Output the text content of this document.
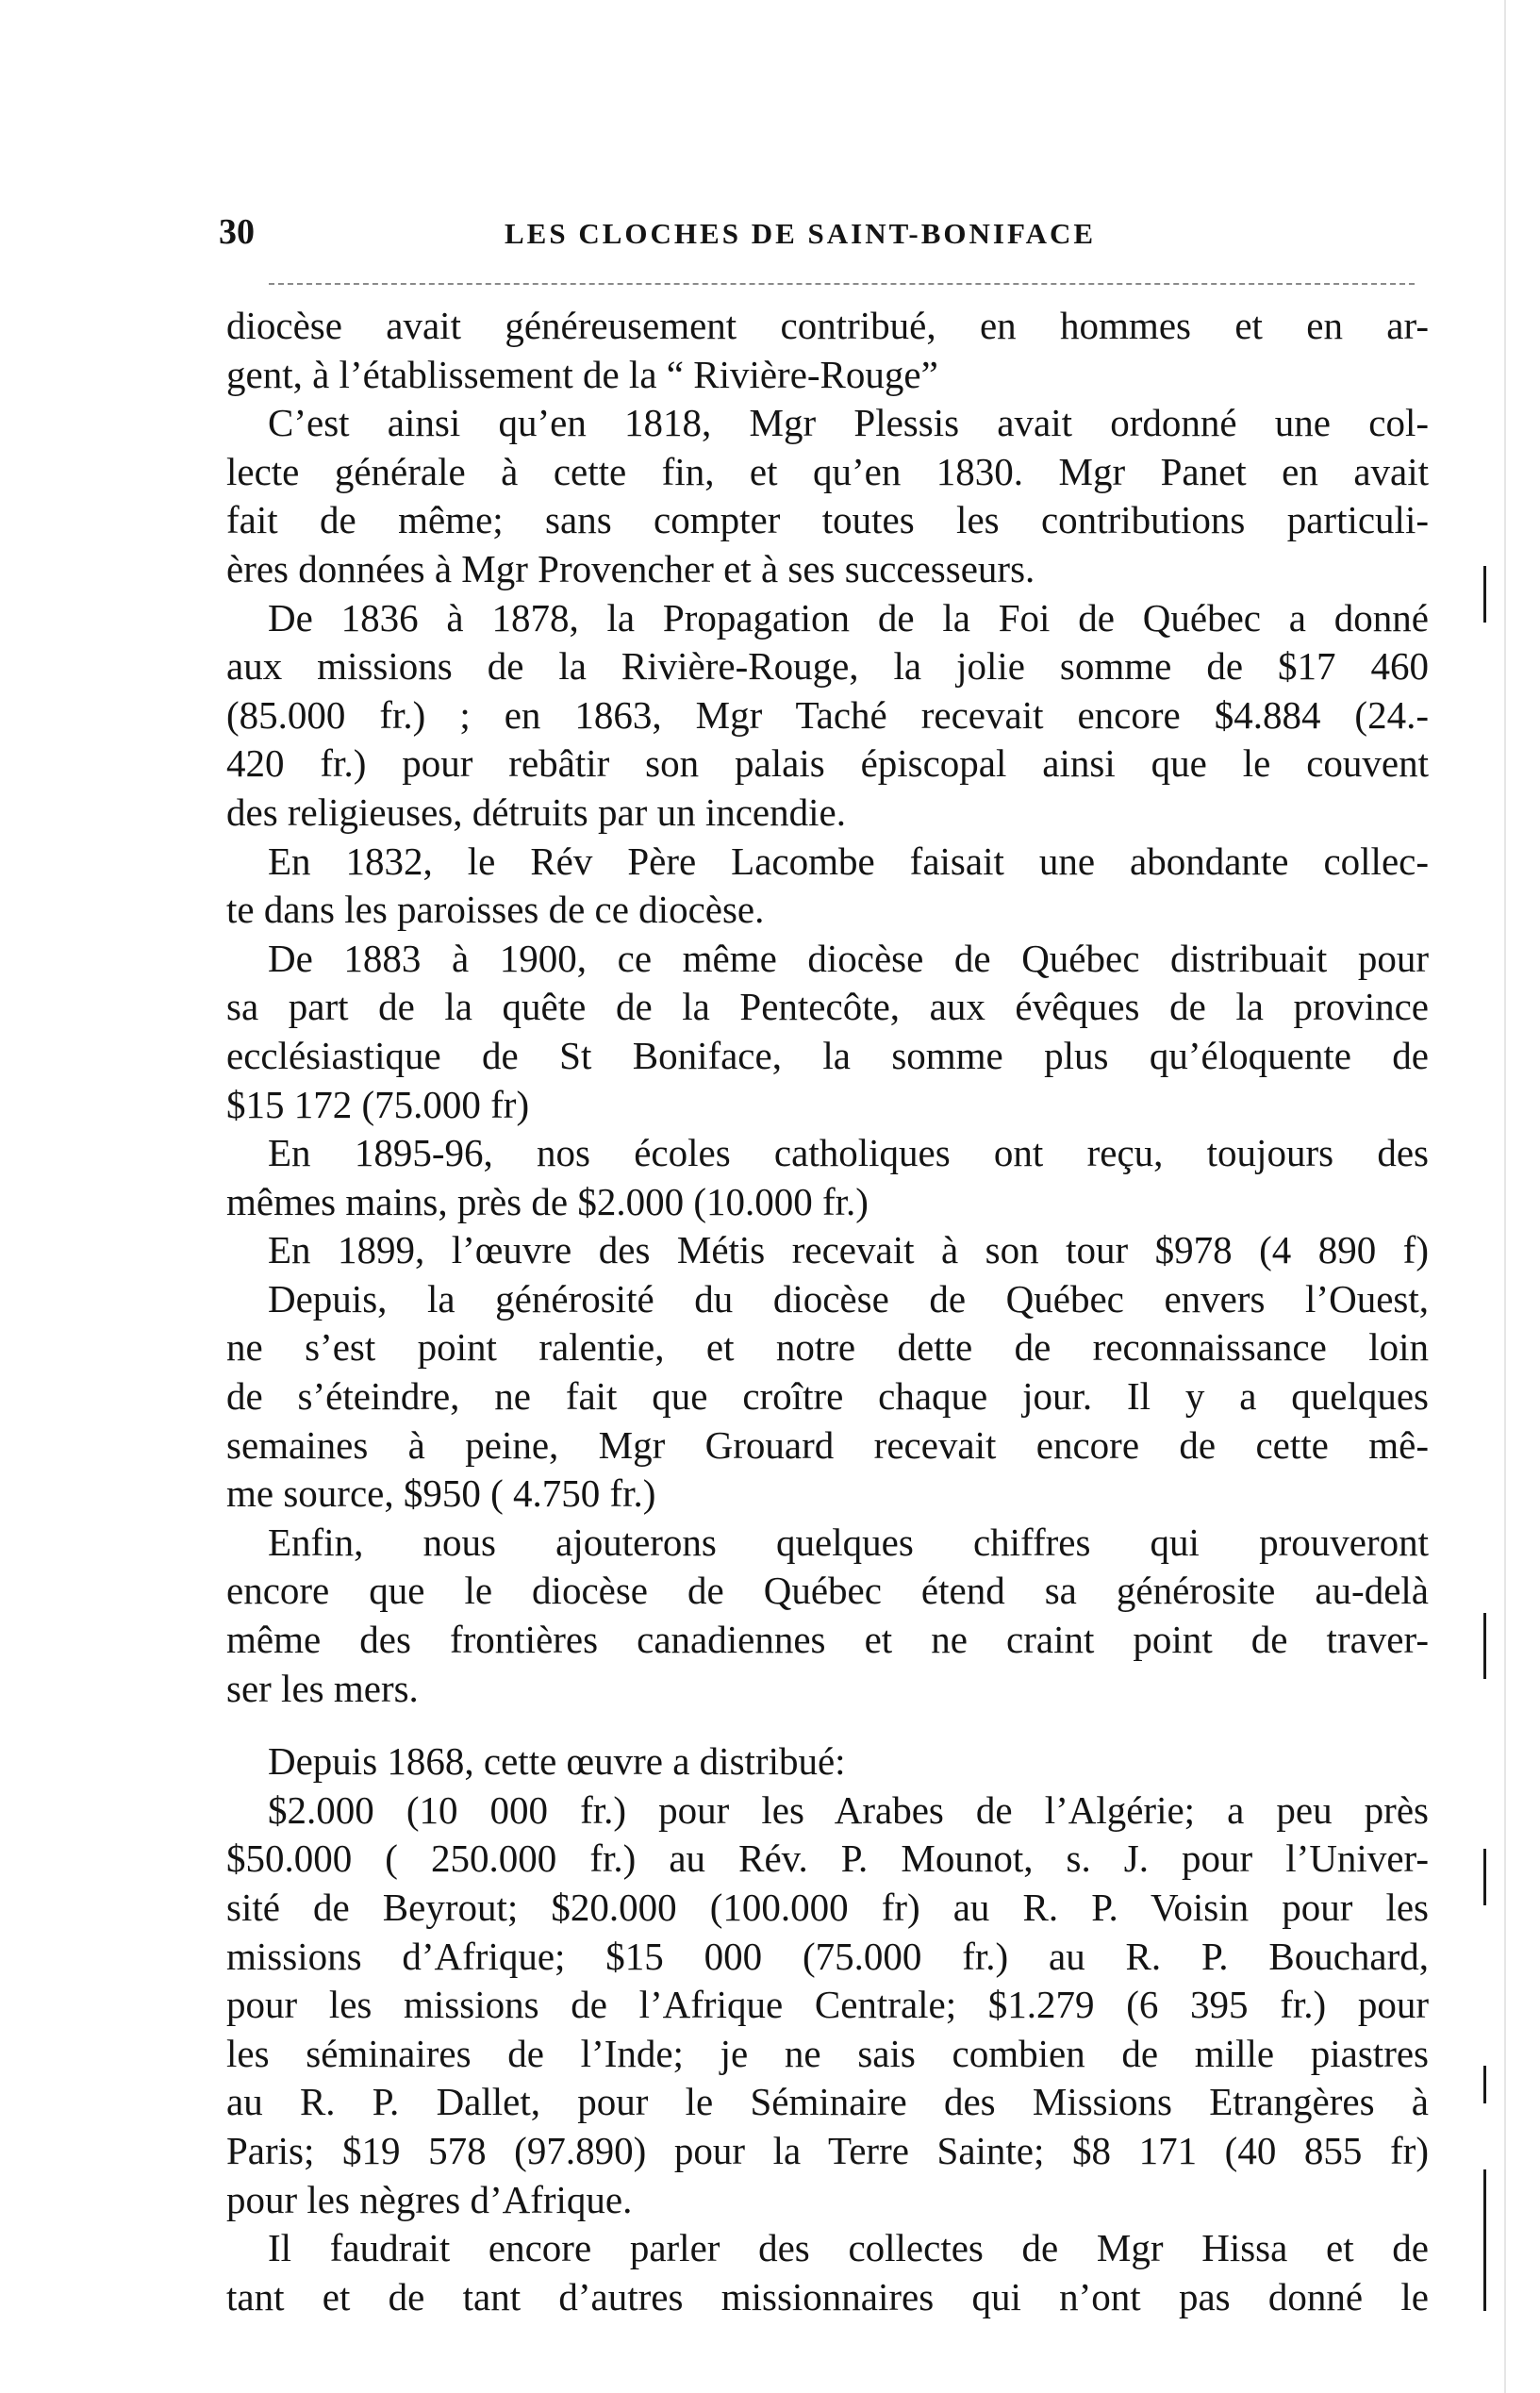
30	LES CLOCHES DE SAINT-BONIFACE
diocèse avait généreusement contribué, en hommes et en ar-
gent, à l’établissement de la “ Rivière-Rouge”
C’est ainsi qu’en 1818, Mgr Plessis avait ordonné une col-
lecte générale à cette fin, et qu’en 1830. Mgr Panet en avait
fait de même; sans compter toutes les contributions particuli-
ères données à Mgr Provencher et à ses successeurs.
De 1836 à 1878, la Propagation de la Foi de Québec a donné
aux missions de la Rivière-Rouge, la jolie somme de $17 460
(85.000 fr.) ; en 1863, Mgr Taché recevait encore $4.884 (24.-
420 fr.) pour rebâtir son palais épiscopal ainsi que le couvent
des religieuses, détruits par un incendie.
En 1832, le Rév Père Lacombe faisait une abondante collec-
te dans les paroisses de ce diocèse.
De 1883 à 1900, ce même diocèse de Québec distribuait pour
sa part de la quête de la Pentecôte, aux évêques de la province
ecclésiastique de St Boniface, la somme plus qu’éloquente de
$15 172 (75.000 fr)
En 1895-96, nos écoles catholiques ont reçu, toujours des
mêmes mains, près de $2.000 (10.000 fr.)
En 1899, l’œuvre des Métis recevait à son tour $978 (4 890 f)
Depuis, la générosité du diocèse de Québec envers l’Ouest,
ne s’est point ralentie, et notre dette de reconnaissance loin
de s’éteindre, ne fait que croître chaque jour. Il y a quelques
semaines à peine, Mgr Grouard recevait encore de cette mê-
me source, $950 ( 4.750 fr.)
Enfin, nous ajouterons quelques chiffres qui prouveront
encore que le diocèse de Québec étend sa générosite au-delà
même des frontières canadiennes et ne craint point de traver-
ser les mers.
Depuis 1868, cette œuvre a distribué:
$2.000 (10 000 fr.) pour les Arabes de l’Algérie; a peu près
$50.000 ( 250.000 fr.) au Rév. P. Mounot, s. J. pour l’Univer-
sité de Beyrout; $20.000 (100.000 fr) au R. P. Voisin pour les
missions d’Afrique; $15 000 (75.000 fr.) au R. P. Bouchard,
pour les missions de l’Afrique Centrale; $1.279 (6 395 fr.) pour
les séminaires de l’Inde; je ne sais combien de mille piastres
au R. P. Dallet, pour le Séminaire des Missions Etrangères à
Paris; $19 578 (97.890) pour la Terre Sainte; $8 171 (40 855 fr)
pour les nègres d’Afrique.
Il faudrait encore parler des collectes de Mgr Hissa et de
tant et de tant d’autres missionnaires qui n’ont pas donné le
